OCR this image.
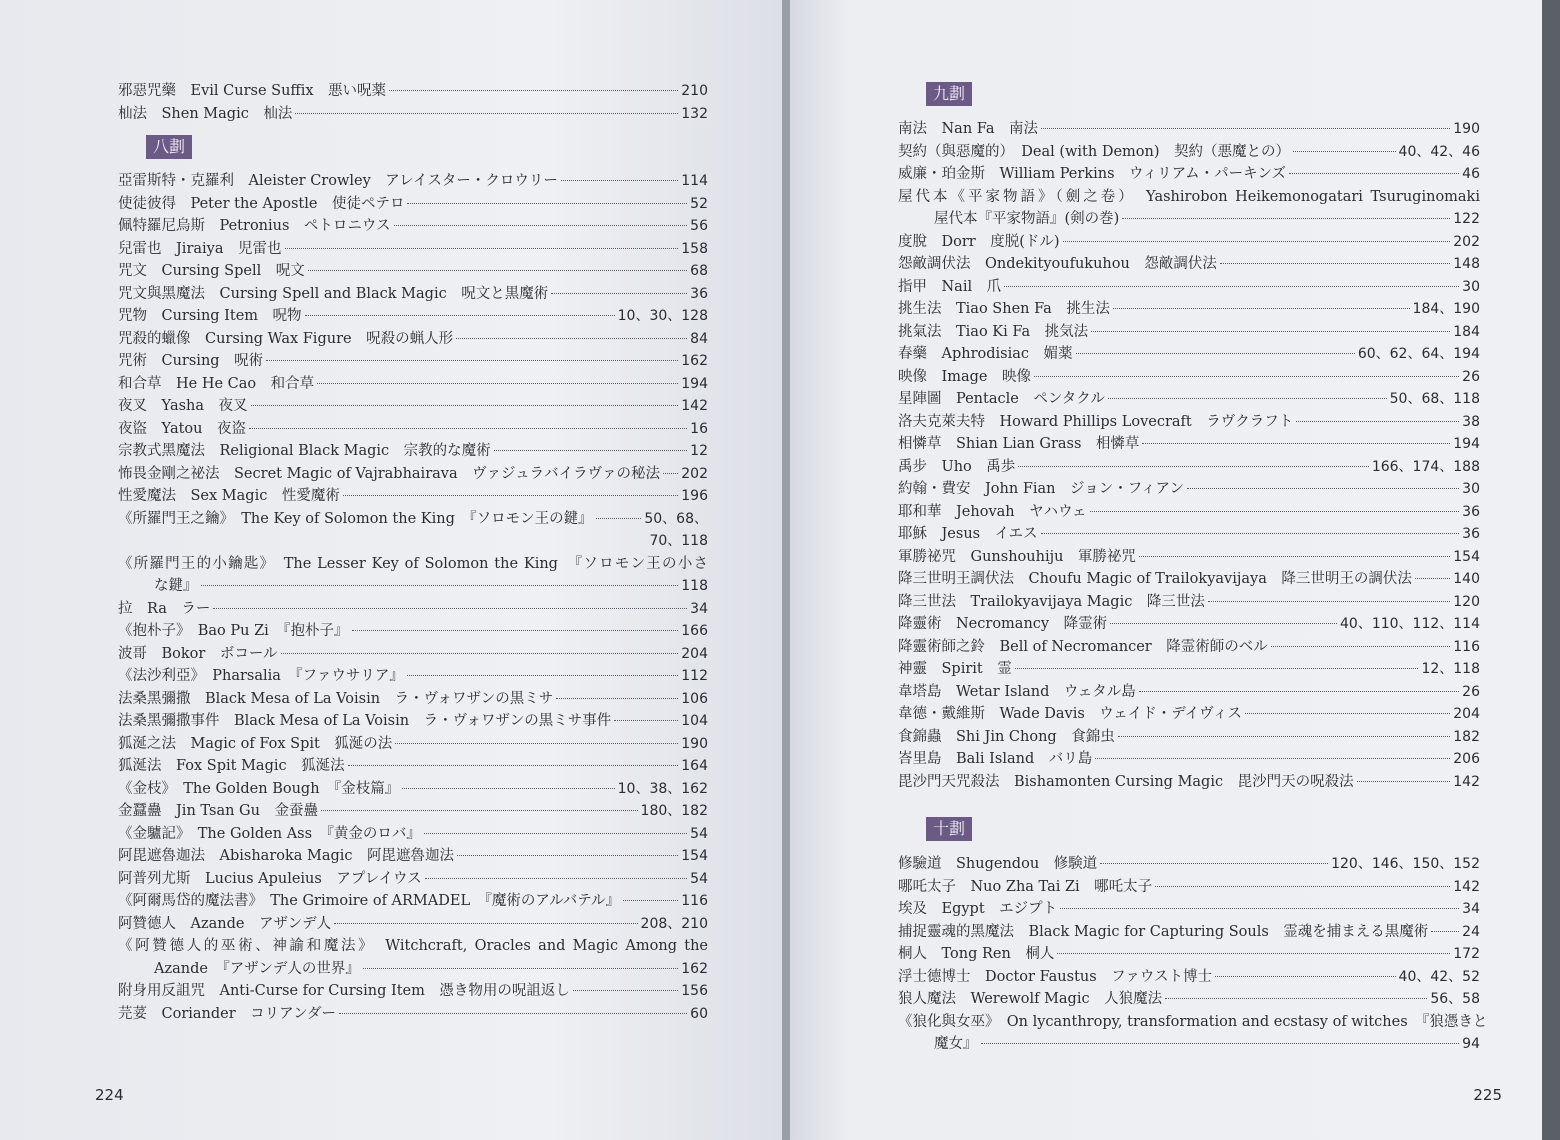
邪惡咒藥　Evil Curse Suffix　悪い呪薬	210
杣法　Shen Magic　杣法	132
八劃
亞雷斯特・克羅利　Aleister Crowley　アレイスター・クロウリー	114
使徒彼得　Peter the Apostle　使徒ペテロ	52
佩特羅尼烏斯　Petronius　ペトロニウス	56
兒雷也　Jiraiya　児雷也	158
咒文　Cursing Spell　呪文	68
咒文與黑魔法　Cursing Spell and Black Magic　呪文と黒魔術	36
咒物　Cursing Item　呪物	10、30、128
咒殺的蠟像　Cursing Wax Figure　呪殺の蝋人形	84
咒術　Cursing　呪術	162
和合草　He He Cao　和合草	194
夜叉　Yasha　夜叉	142
夜盜　Yatou　夜盗	16
宗教式黑魔法　Religional Black Magic　宗教的な魔術	12
怖畏金剛之祕法　Secret Magic of Vajrabhairava　ヴァジュラバイラヴァの秘法 202
性愛魔法　Sex Magic　性愛魔術	196
《所羅門王之鑰》　The Key of Solomon the King　『ソロモン王の鍵』	50、68、
70、118
《所羅門王的小鑰匙》　The Lesser Key of Solomon the King　『ソロモン王の小さ
な鍵』	118
拉　Ra　ラー	34
《抱朴子》　Bao Pu Zi　『抱朴子』	166
波哥　Bokor　ボコール	204
《法沙利亞》　Pharsalia　『ファウサリア』	112
法桑黑彌撒　Black Mesa of La Voisin　ラ・ヴォワザンの黒ミサ	106
法桑黑彌撒事件　Black Mesa of La Voisin　ラ・ヴォワザンの黒ミサ事件	104
狐涎之法　Magic of Fox Spit　狐涎の法	190
狐涎法　Fox Spit Magic　狐涎法	164
《金枝》　The Golden Bough　『金枝篇』	10、38、162
金蠶蠱　Jin Tsan Gu　金蚕蠱	180、182
《金驢記》　The Golden Ass　『黄金のロバ』	54
阿毘遮魯迦法　Abisharoka Magic　阿毘遮魯迦法	154
阿普列尤斯　Lucius Apuleius　アプレイウス	54
《阿爾馬岱的魔法書》　The Grimoire of ARMADEL　『魔術のアルバテル』	116
阿贊德人　Azande　アザンデ人	208、210
《阿贊德人的巫術、神諭和魔法》　Witchcraft, Oracles and Magic Among the
Azande　『アザンデ人の世界』	162
附身用反詛咒　Anti-Curse for Cursing Item　憑き物用の呪詛返し	156
芫荽　Coriander　コリアンダー	60
224
九劃
南法　Nan Fa　南法	190
契約（與惡魔的）　Deal (with Demon)　契約（悪魔との）	40、42、46
威廉・珀金斯　William Perkins　ウィリアム・パーキンズ	46
屋代本《平家物語》（劍之卷）　Yashirobon Heikemonogatari Tsuruginomaki
屋代本『平家物語』(剣の巻)	122
度脫　Dorr　度脱(ドル)	202
怨敵調伏法　Ondekityoufukuhou　怨敵調伏法	148
指甲　Nail　爪	30
挑生法　Tiao Shen Fa　挑生法	184、190
挑氣法　Tiao Ki Fa　挑気法	184
春藥　Aphrodisiac　媚薬	60、62、64、194
映像　Image　映像	26
星陣圖　Pentacle　ペンタクル	50、68、118
洛夫克萊夫特　Howard Phillips Lovecraft　ラヴクラフト	38
相憐草　Shian Lian Grass　相憐草	194
禹步　Uho　禹歩	166、174、188
約翰・費安　John Fian　ジョン・フィアン	30
耶和華　Jehovah　ヤハウェ	36
耶穌　Jesus　イエス	36
軍勝祕咒　Gunshouhiju　軍勝祕咒	154
降三世明王調伏法　Choufu Magic of Trailokyavijaya　降三世明王の調伏法	140
降三世法　Trailokyavijaya Magic　降三世法	120
降靈術　Necromancy　降霊術	40、110、112、114
降靈術師之鈴　Bell of Necromancer　降霊術師のベル	116
神靈　Spirit　霊	12、118
韋塔島　Wetar Island　ウェタル島	26
韋德・戴維斯　Wade Davis　ウェイド・デイヴィス	204
食錦蟲　Shi Jin Chong　食錦虫	182
峇里島　Bali Island　バリ島	206
毘沙門天咒殺法　Bishamonten Cursing Magic　毘沙門天の呪殺法	142
十劃
修驗道　Shugendou　修験道	120、146、150、152
哪吒太子　Nuo Zha Tai Zi　哪吒太子	142
埃及　Egypt　エジプト	34
捕捉靈魂的黑魔法　Black Magic for Capturing Souls　霊魂を捕まえる黒魔術 24
桐人　Tong Ren　桐人	172
浮士德博士　Doctor Faustus　ファウスト博士	40、42、52
狼人魔法　Werewolf Magic　人狼魔法	56、58
《狼化與女巫》　On lycanthropy, transformation and ecstasy of witches　『狼憑きと
魔女』	94
225
